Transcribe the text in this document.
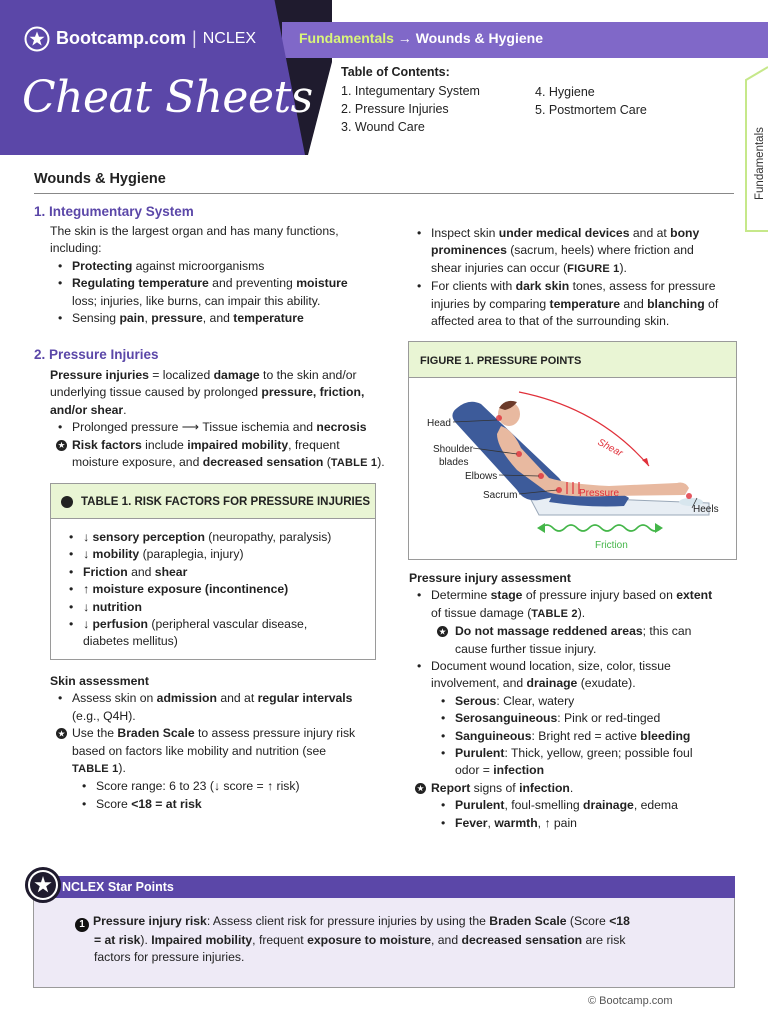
Bootcamp.com | NCLEX
Cheat Sheets
Fundamentals → Wounds & Hygiene
Table of Contents:
1. Integumentary System
2. Pressure Injuries
3. Wound Care
4. Hygiene
5. Postmortem Care
Fundamentals
Wounds & Hygiene
1. Integumentary System
The skin is the largest organ and has many functions,
including:
• Protecting against microorganisms
• Regulating temperature and preventing moisture
loss; injuries, like burns, can impair this ability.
• Sensing pain, pressure, and temperature
2. Pressure Injuries
Pressure injuries = localized damage to the skin and/or
underlying tissue caused by prolonged pressure, friction,
and/or shear.
• Prolonged pressure ⟶ Tissue ischemia and necrosis
Risk factors include impaired mobility, frequent
moisture exposure, and decreased sensation (TABLE 1).
TABLE 1. RISK FACTORS FOR PRESSURE INJURIES
• ↓ sensory perception (neuropathy, paralysis)
• ↓ mobility (paraplegia, injury)
• Friction and shear
• ↑ moisture exposure (incontinence)
• ↓ nutrition
• ↓ perfusion (peripheral vascular disease,
diabetes mellitus)
Skin assessment
• Assess skin on admission and at regular intervals
(e.g., Q4H).
Use the Braden Scale to assess pressure injury risk
based on factors like mobility and nutrition (see
TABLE 1).
• Score range: 6 to 23 (↓ score = ↑ risk)
• Score <18 = at risk
• Inspect skin under medical devices and at bony
prominences (sacrum, heels) where friction and
shear injuries can occur (FIGURE 1).
• For clients with dark skin tones, assess for pressure
injuries by comparing temperature and blanching of
affected area to that of the surrounding skin.
FIGURE 1. PRESSURE POINTS
Shear
Pressure
Friction
Head
Shoulder
blades
Elbows
Sacrum
Heels
Pressure injury assessment
• Determine stage of pressure injury based on extent
of tissue damage (TABLE 2).
Do not massage reddened areas; this can
cause further tissue injury.
• Document wound location, size, color, tissue
involvement, and drainage (exudate).
• Serous: Clear, watery
• Serosanguineous: Pink or red-tinged
• Sanguineous: Bright red = active bleeding
• Purulent: Thick, yellow, green; possible foul
odor = infection
Report signs of infection.
• Purulent, foul-smelling drainage, edema
• Fever, warmth, ↑ pain
NCLEX Star Points
1 Pressure injury risk: Assess client risk for pressure injuries by using the Braden Scale (Score <18
= at risk). Impaired mobility, frequent exposure to moisture, and decreased sensation are risk
factors for pressure injuries.
© Bootcamp.com
